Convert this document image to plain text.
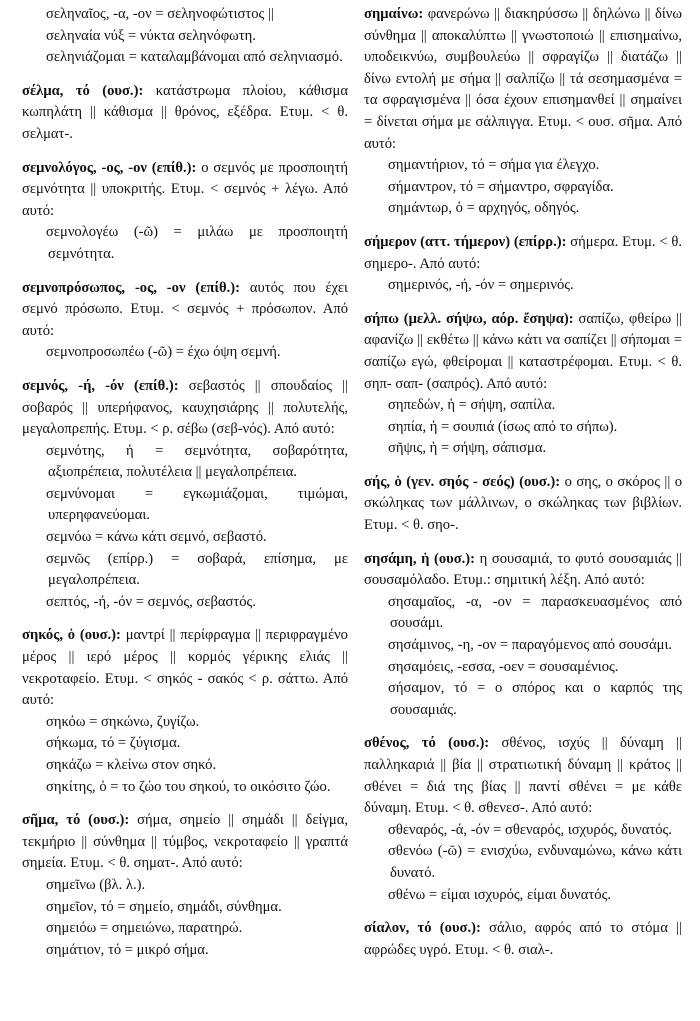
σεληναῖος, -α, -ον = σεληνοφώτιστος ||

σεληναία νύξ = νύκτα σεληνόφωτη.

σεληνιάζομαι = καταλαμβάνομαι από σεληνιασμό.

σέλμα, τό (ουσ.): κατάστρωμα πλοίου, κάθισμα κωπηλάτη || κάθισμα || θρόνος, εξέδρα. Ετυμ. < θ. σελματ-.
σεμνολόγος, -ος, -ον (επίθ.): ο σεμνός με προσποιητή σεμνότητα || υποκριτής. Ετυμ. < σεμνός + λέγω. Από αυτό:

σεμνολογέω (-ῶ) = μιλάω με προσποιητή σεμνότητα.

σεμνοπρόσωπος, -ος, -ον (επίθ.): αυτός που έχει σεμνό πρόσωπο. Ετυμ. < σεμνός + πρόσωπον. Από αυτό:

σεμνοπροσωπέω (-ῶ) = έχω όψη σεμνή.

σεμνός, -ή, -όν (επίθ.): σεβαστός || σπουδαίος || σοβαρός || υπερήφανος, καυχησιάρης || πολυτελής, μεγαλοπρεπής. Ετυμ. < ρ. σέβω (σεβ-νός). Από αυτό:

σεμνότης, ἡ = σεμνότητα, σοβαρότητα, αξιοπρέπεια, πολυτέλεια || μεγαλοπρέπεια.

σεμνύνομαι = εγκωμιάζομαι, τιμώμαι, υπερηφανεύομαι.

σεμνόω = κάνω κάτι σεμνό, σεβαστό.

σεμνῶς (επίρρ.) = σοβαρά, επίσημα, με μεγαλοπρέπεια.

σεπτός, -ή, -όν = σεμνός, σεβαστός.

σηκός, ὁ (ουσ.): μαντρί || περίφραγμα || περιφραγμένο μέρος || ιερό μέρος || κορμός γέρικης ελιάς || νεκροταφείο. Ετυμ. < σηκός - σακός < ρ. σάττω. Από αυτό:

σηκόω = σηκώνω, ζυγίζω.

σήκωμα, τό = ζύγισμα.

σηκάζω = κλείνω στον σηκό.

σηκίτης, ὁ = το ζώο του σηκού, το οικόσιτο ζώο.

σῆμα, τό (ουσ.): σήμα, σημείο || σημάδι || δείγμα, τεκμήριο || σύνθημα || τύμβος, νεκροταφείο || γραπτά σημεία. Ετυμ. < θ. σηματ-. Από αυτό:

σημεῖνω (βλ. λ.).

σημεῖον, τό = σημείο, σημάδι, σύνθημα.

σημειόω = σημειώνω, παρατηρώ.

σημάτιον, τό = μικρό σήμα.

σημαίνω: φανερώνω || διακηρύσσω || δηλώνω || δίνω σύνθημα || αποκαλύπτω || γνωστοποιώ || επισημαίνω, υποδεικνύω, συμβουλεύω || σφραγίζω || διατάζω || δίνω εντολή με σήμα || σαλπίζω || τά σεσημασμένα = τα σφραγισμένα || όσα έχουν επισημανθεί || σημαίνει = δίνεται σήμα με σάλπιγγα. Ετυμ. < ουσ. σῆμα. Από αυτό:

σημαντήριον, τό = σήμα για έλεγχο.

σήμαντρον, τό = σήμαντρο, σφραγίδα.

σημάντωρ, ὁ = αρχηγός, οδηγός.

σήμερον (αττ. τήμερον) (επίρρ.): σήμερα. Ετυμ. < θ. σημερο-. Από αυτό:

σημερινός, -ή, -όν = σημερινός.

σήπω (μελλ. σήψω, αόρ. ἔσηψα): σαπίζω, φθείρω || αφανίζω || εκθέτω || κάνω κάτι να σαπίζει || σήπομαι = σαπίζω εγώ, φθείρομαι || καταστρέφομαι. Ετυμ. < θ. σηπ- σαπ- (σαπρός). Από αυτό:

σηπεδών, ἡ = σήψη, σαπίλα.

σηπία, ἡ = σουπιά (ίσως από το σήπω).

σῆψις, ἡ = σήψη, σάπισμα.

σής, ὁ (γεν. σηός - σεός) (ουσ.): ο σης, ο σκόρος || ο σκώληκας των μάλλινων, ο σκώληκας των βιβλίων. Ετυμ. < θ. σηο-.
σησάμη, ἡ (ουσ.): η σουσαμιά, το φυτό σουσαμιάς || σουσαμόλαδο. Ετυμ.: σημιτική λέξη. Από αυτό:

σησαμαῖος, -α, -ον = παρασκευασμένος από σουσάμι.

σησάμινος, -η, -ον = παραγόμενος από σουσάμι.

σησαμόεις, -εσσα, -οεν = σουσαμένιος.

σήσαμον, τό = ο σπόρος και ο καρπός της σουσαμιάς.

σθένος, τό (ουσ.): σθένος, ισχύς || δύναμη || παλληκαριά || βία || στρατιωτική δύναμη || κράτος || σθένει = διά της βίας || παντί σθένει = με κάθε δύναμη. Ετυμ. < θ. σθενεσ-. Από αυτό:

σθεναρός, -ά, -όν = σθεναρός, ισχυρός, δυνατός.

σθενόω (-ῶ) = ενισχύω, ενδυναμώνω, κάνω κάτι δυνατό.

σθένω = είμαι ισχυρός, είμαι δυνατός.

σίαλον, τό (ουσ.): σάλιο, αφρός από το στόμα || αφρώδες υγρό. Ετυμ. < θ. σιαλ-.
